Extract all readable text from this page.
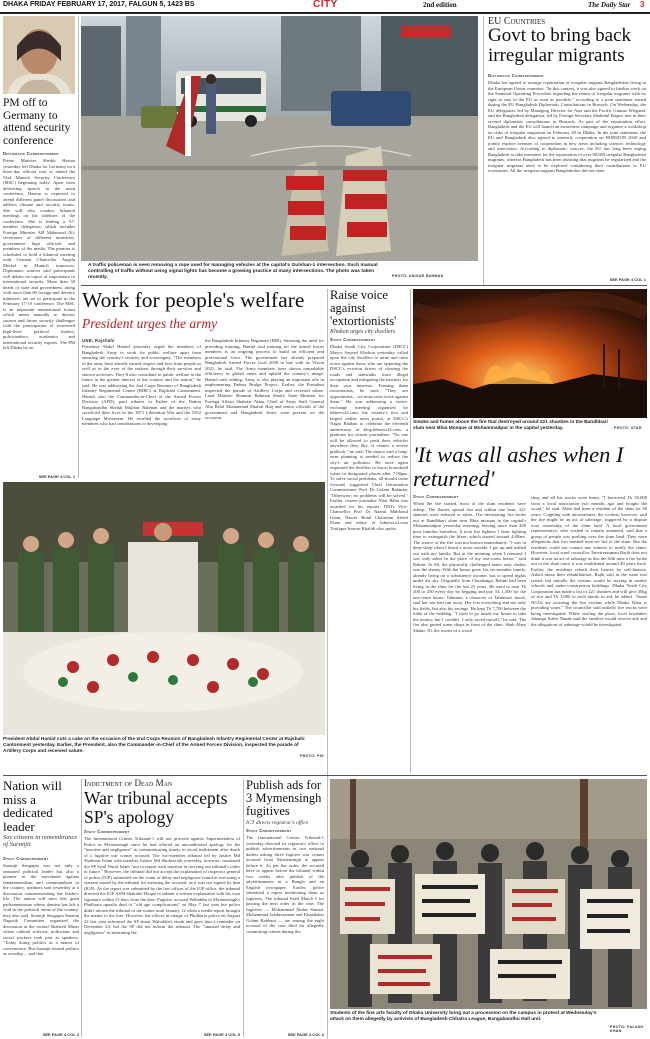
DHAKA FRIDAY FEBRUARY 17, 2017, FALGUN 5, 1423 BS	CITY	2nd edition	The Daily Star 3
PM off to Germany to attend security conference
Diplomatic Correspondent
Prime Minister Sheikh Hasina yesterday left Dhaka for Germany on a three-day official visit to attend the 53rd Munich Security Conference (MSC) beginning today. Apart from delivering speech in the main conference, Hasina is expected to attend different panel discussions and address climate and security issues. She will also conduct bilateral meetings on the sidelines of the conference. She is leading a 57-member delegation, which includes Foreign Minister AH Mahmood Ali, secretaries of different ministries, government high officials and members of the media. The premier is scheduled to hold a bilateral meeting with German Chancellor Angela Merkel in Munich tomorrow. Diplomatic sources said participants will debate on topics of importance to international security. More than 30 heads of state and government, along with more than 80 foreign and defence ministers, are set to participate in the February 17-19 conference. The MSC is an important international forum which meets annually to discuss current and future security challenges with the participation of renowned high-level political leaders, policymakers, academics and international security experts. The PM left Dhaka by an
SEE PAGE 4 COL 1
A traffic policeman is seen removing a rope used for managing vehicles at the capital's Gulshan-1 intersection. Such manual controlling of traffic without using signal lights has become a growing practice at many intersections. The photo was taken recently.	PHOTO: ANISUR RAHMAN
EU Countries
Govt to bring back irregular migrants
Diplomatic Correspondent
Dhaka has agreed to arrange repatriation of irregular migrant Bangladeshis living in the European Union countries. "In this context, it was also agreed to finalise work on the Standard Operating Procedure regarding the return of irregular migrants with no right to stay in the EU as soon as possible," according to a joint statement issued during the EU-Bangladesh Diplomatic Consultations in Brussels. On Wednesday, the EU delegation, led by Managing Director for Asia and the Pacific Gunnar Wiegand, and the Bangladesh delegation, led by Foreign Secretary Shahidul Haque, met in their second diplomatic consultations in Brussels. As part of the repatriation effort, Bangladesh and the EU will launch an awareness campaign and organise a workshop on risks of irregular migration on February 28 in Dhaka. In the joint statement, the EU and Bangladesh also agreed to intensify cooperation on HORIZON 2020 and jointly explore avenues of cooperation in new areas including science, technology and innovation. According to diplomatic sources, the EU has long been urging Bangladesh to take measures for the repatriation of over 80,000 irregular Bangladeshi migrants, whereas Bangladesh has been insisting that migrants be regularised and the irregular migrants need to be explored considering their contributions to EU economies. All the irregular migrant Bangladeshis did not enter
SEE PAGE 4 COL 1
Work for people's welfare
President urges the army
UNB, Rajshahi
President Abdul Hamid yesterday urged the members of Bangladesh Army to work for public welfare apart from ensuring the country's security and sovereignty. "The members of the army have already earned respect and love from people as well as in the eyes of the nations through their services and sincere activities. They'll also contribute to public welfare in the future in the greater interest of the country and the nation," he said. He was addressing the 2nd Corps Reunion of Bangladesh Infantry Regimental Centre (BIRC) at Rajshahi Cantonment. Hamid, also the Commander-in-Chief of the Armed Forces Division (AFD), paid tributes to Father of the Nation Bangabandhu Sheikh Mujibur Rahman and the martyrs who sacrificed their lives in the 1971 Liberation War and the 1952 Language Movement. He recalled the sacrifices of army members who had contributions to developing
the Bangladesh Infantry Regiment (BIR). Stressing the need for providing training, Hamid said training for the armed forces members is an ongoing process to build an efficient and professional force. The government has already prepared Bangladesh Armed Forces Goal 2030 in line with its Vision 2021, he said. The Army members have shown remarkable efficiency in global arena and upheld the country's image, Hamid said, adding, Army is also playing an important role in implementing Padma Bridge Project. Earlier, the President inspected the parade of Artillery Corps and received salute. Land Minister Shamsur Rahman Sharif, State Minister for Foreign Affairs Shahriar Alam, Chief of Army Staff General Abu Belal Muhammad Shafiul Huq and senior officials of the government and Bangladesh Army were present on the occasion.
Raise voice against 'extortionists'
Khokon urges city dwellers
Staff Correspondent
Dhaka South City Corporation (DSCC) Mayor Sayeed Khokon yesterday called upon the city dwellers to unite and raise voice against those who are opposing the DSCC's eviction drives of clearing the roads and sidewalks from illegal occupation and mitigating the hawkers for their own interests. Terming them extortionists, he said, "They are opportunists... we must raise voice against them." He was addressing a views-exchange meeting organised by bdnews24.com, the country's first and largest online news portal, at DSCC's Nagar Bhaban to celebrate the eleventh anniversary of blog.bdnews24.com, a platform for citizen journalism. "No one will be allowed to push their vehicles anywhere they like. It creates a severe gridlock," he said. The mayor said a long-term planning is needed to reduce the city's air pollution. He once again requested the dwellers to throw household waste in designated places after 7:00pm. To solve social problems, all should come forward, suggested Chief Information Commissioner Prof Dr Golam Rahman. "Otherwise, no problems will be solved." Earlier, citizen journalist Nitai Babu was awarded for his reports. DNI's Vice-Chancellor Prof Dr Nazrul Mahfuzul Islam, Nasser Bond Chairman Saleel Khan and editor of bdnews24.com Toufique Imrose Khalidi also spoke.
Smoke and fumes above the fire that destroyed around 221 shanties in the Bandhbari slum near Bhia Mosque at Mohammadpur in the capital yesterday.	PHOTO: STAR
'It was all ashes when I returned'
Staff Correspondent
When the fire started, most of the slum residents were asleep. The flames spread fast and within one hour, 221 shanties were reduced to ashes. The devastating fire broke out at Bandhbari slum near Bhia mosque in the capital's Mohammadpur yesterday morning, leaving more than 200 poor families homeless. It took fire fighters 1 hour fighting time to extinguish the blaze, which started around 4:00am. The source of the fire was not known immediately. "I was in deep sleep when I heard a noise outside. I got up and rushed out with my family. But in the morning when I returned I saw only ashes in the place of my one-room house," said Rahim. At 60, the physically challenged man's only shelter was the shanty. With the house gone, his six-member family, already living on a subsistence income, has to spend nights under the sky. Originally from Chuadanga, Rahim had been living in the slum for the last 25 years. He used to earn Tk 200 to 250 every day by begging and pay Tk 1,500 for the one-room house. Tahmina, a character of Tahmina's shack, said her son had run away. Her lost everything and not only his fields, but also his savings. He kept Tk 7,700 between the folds of the bedding. "I tried to go inside my house to take the money, but I couldn't. I only saved myself," he said. The fire also gutted some shops in front of the slum. Shah Alam Sikdar, 50, the owner of a wood
shop and all his stocks were burnt. "I borrowed Tk 50,000 from a local association two months ago and bought the wood," he said. Alam had been a resident of the slum for 40 years. Coppling with uncertainties, the victims, however, said the fire might be an act of sabotage, triggered by a dispute over ownership of the slum land. A local government representative, who wished to remain unnamed, said that a group of people was pushing over the slum land. They were allegations that two masked men set fire to the slum. But the residents could not contact any witness to testify the claim. However, local ward councillor Tanvirezzaman Rajib does not think it was an act of sabotage as this the fifth time a fire broke out in the slum since it was established around 40 years back. Earlier, the residents rebuilt their houses by self-finance. Asked about their rehabilitation, Rajib said as the issue was raised, but initially the victims would be staying in nearby schools and under-construction buildings. Dhaka North City Corporation has made a list of 221 shanties and will give 30kg of rice and Tk 3,000 to each family in aid, he added. "Some NGOs are assisting the fire victims while Dhaka Wasa is providing water." The councillor said initially fire trucks were being investigated. While visiting the place, local lawmaker Jahangir Kabir Nanak said the families would receive aid, and the allegations of sabotage would be investigated.
President Abdul Hamid cuts a cake on the occasion of the 2nd Corps Reunion of Bangladesh Infantry Regimental Center at Rajshahi Cantonment yesterday. Earlier, the President, also the Commander-in-Chief of the Armed Forces Division, inspected the parade of Artillery Corps and received salute.
PHOTO: PID
Nation will miss a dedicated leader
Say citizens in remembrance of Suranjit
Staff Correspondent
Suranjit Sengupta was not only a seasoned political leader but also a pioneer in the movement against fundamentalism and communalism in the country, speakers said yesterday at a discussion commemorating the leader's life. The nation will miss this great parliamentarian whose demise has left a void in the political arena of the country, they also said. Suranjit Sengupta Smaran Nagorik Committee organised the discussion at the central Shaheed Minar where cultural activists, politicians and social workers took part as speakers. "Today doing politics as a matter of convenience. But Suranjit treated politics as worship ... and that
SEE PAGE 4 COL 3
Indictment of Dead Man
War tribunal accepts SP's apology
Staff Correspondent
The International Crimes Tribunal-1 will not proceed against Superintendent of Police in Mymensingh since he had offered an unconditional apology for his "inaction and negligence" in communicating timely to avoid indictment after death of a fugitive war crimes accused. The two-member tribunal led by Justice Md Shahinur Islam with member Justice Md Shoheorodi yesterday, however, cautioned the SP Syed Nurul Islam "not to repeat such inaction in carrying out tribunal's order in future." However, the tribunal did not accept the explanation of inspector general of police (IGP) submitted on the count of delay and negligence found in executing a warrant issued by the tribunal for arresting the accused, as it was not signed by him (IGP). As the report was submitted by the law officer of the IGP office, the tribunal directed the IGP ASM Shahidul Hoque to submit a written explanation with his own signature within 15 days from the date. Fugitive accused Wahiddin of Mymensingh's Phulbaria upazila died of "old age complications" on May 7 last year but police didn't inform the tribunal of the matter until January 12 when a media report brought the matter to the fore. However, the officer-in-charge of Phulbaria police on August 22 last year informed the SP about Wahiddin's death and gave him a reminder on December 24, but the SP did not inform the tribunal. The "unusual delay and negligence" in informing the
SEE PAGE 4 COL 5
Publish ads for 3 Mymensingh fugitives
ICT directs registrar's office
Staff Correspondent
The International Crimes Tribunal-1 yesterday directed its registrar's office to publish advertisements in two national dailies asking three fugitive war crimes accused from Mymensingh to appear before it. As per the order, the accused have to appear before the tribunal within two weeks after publish of the advertisements in a Bangla and an English newspaper. Earlier, police submitted a report mentioning them as fugitives. The tribunal fixed March 5 for passing the next order in the case. The fugitives — Mohammad Abdus Samad, Mohammad Jalaluzzaman and Khandakar Golam Rabbani — are among the eight accused of the case filed for allegedly committing crimes during the
SEE PAGE 4 COL 6
Students of the fine arts faculty of Dhaka University bring out a procession on the campus in protest at Wednesday's attack on them allegedly by activists of Bangladesh Chhatra League, Bangabandhu Hall unit.
PHOTO: PALASH KHAN
